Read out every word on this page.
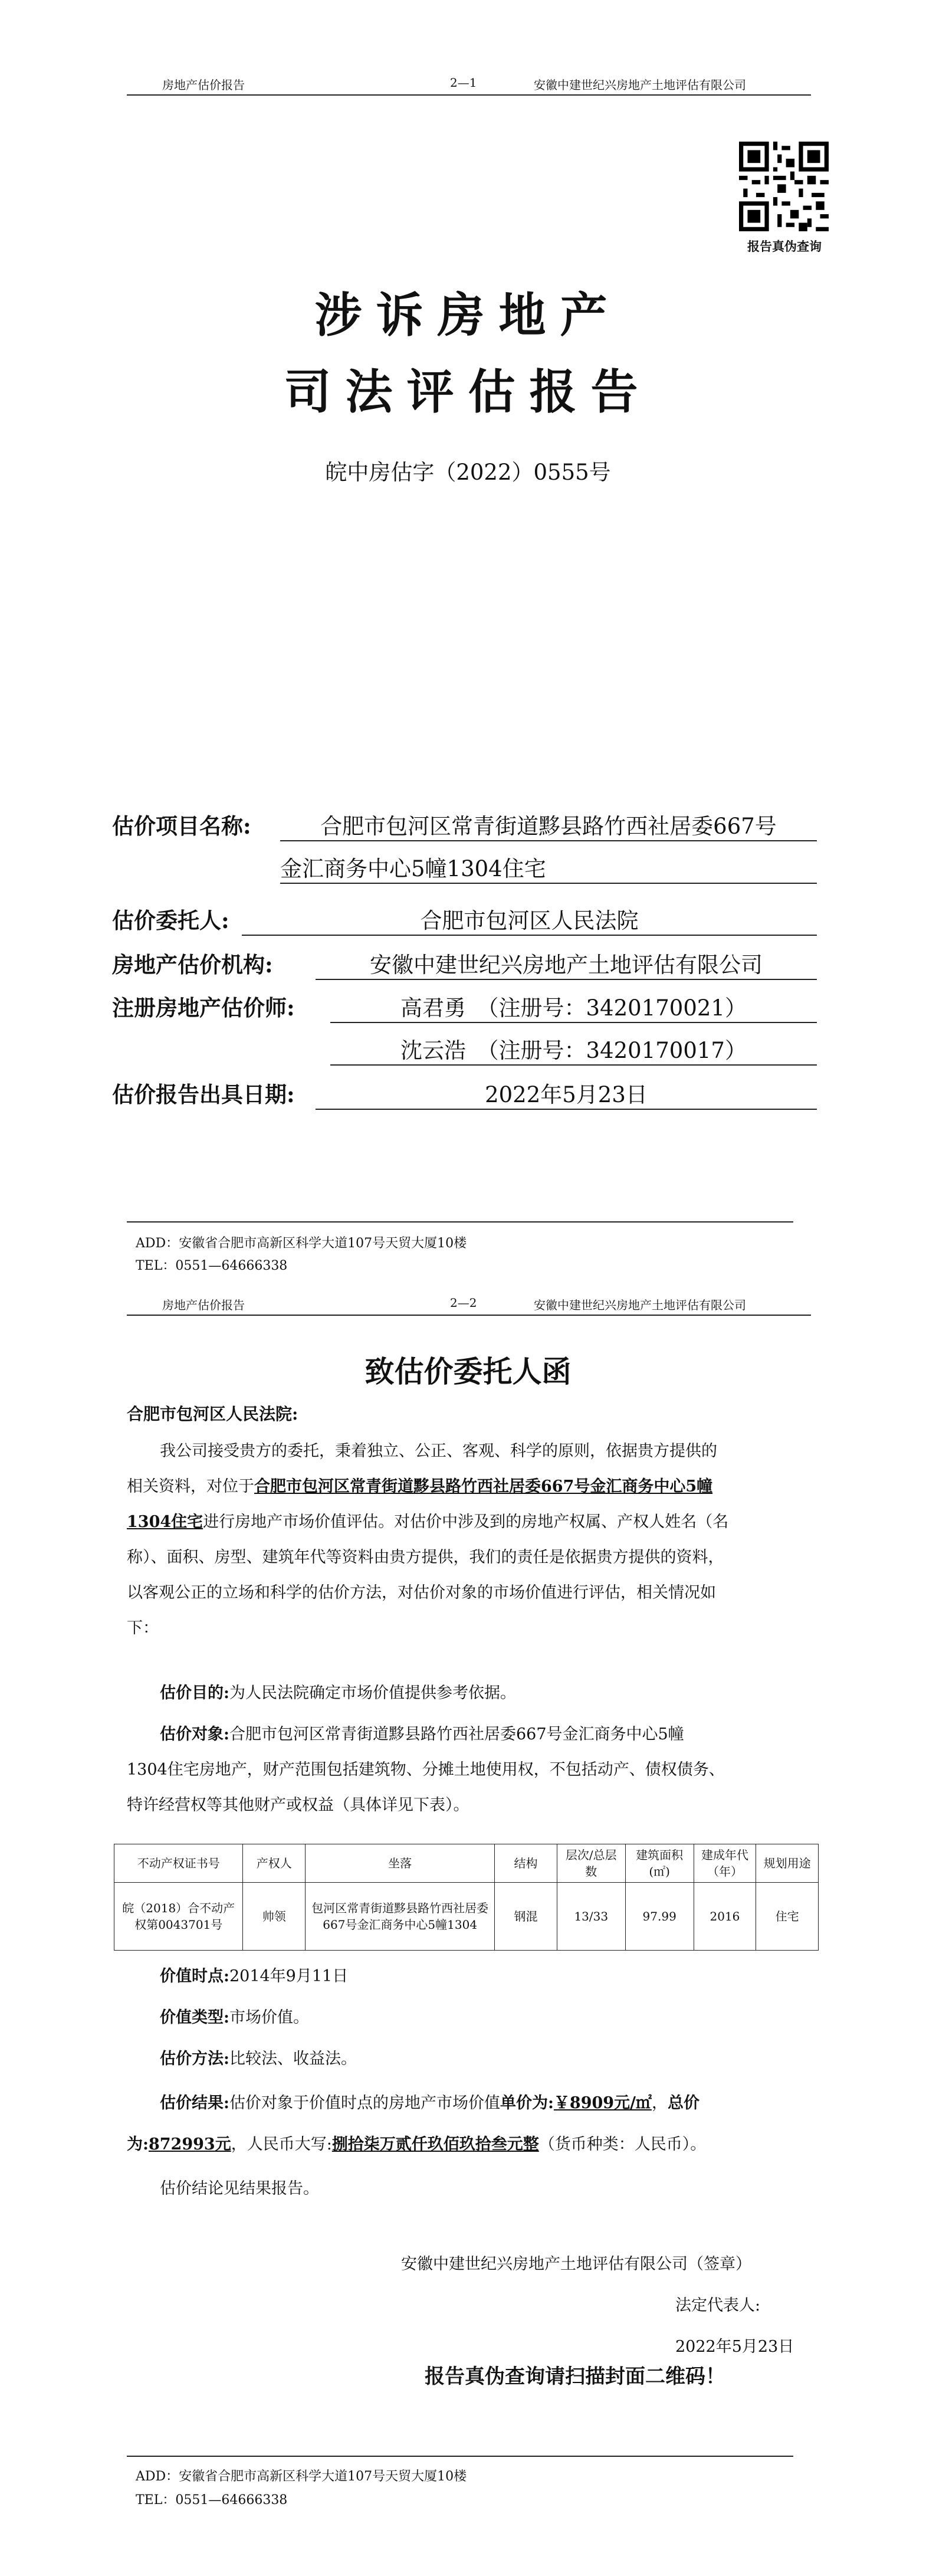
房地产估价报告	2—1	安徽中建世纪兴房地产土地评估有限公司
报告真伪查询
涉诉房地产
司法评估报告
皖中房估字（2022）0555号
估价项目名称:	合肥市包河区常青街道黟县路竹西社居委667号
金汇商务中心5幢1304住宅
估价委托人:	合肥市包河区人民法院
房地产估价机构:	安徽中建世纪兴房地产土地评估有限公司
注册房地产估价师:	高君勇　（注册号：3420170021）
沈云浩　（注册号：3420170017）
估价报告出具日期:	2022年5月23日
ADD：安徽省合肥市高新区科学大道107号天贸大厦10楼
TEL：0551—64666338
房地产估价报告	2—2	安徽中建世纪兴房地产土地评估有限公司
致估价委托人函
合肥市包河区人民法院:
我公司接受贵方的委托，秉着独立、公正、客观、科学的原则，依据贵方提供的
相关资料，对位于合肥市包河区常青街道黟县路竹西社居委667号金汇商务中心5幢
1304住宅进行房地产市场价值评估。对估价中涉及到的房地产权属、产权人姓名（名
称）、面积、房型、建筑年代等资料由贵方提供，我们的责任是依据贵方提供的资料，
以客观公正的立场和科学的估价方法，对估价对象的市场价值进行评估，相关情况如
下：
估价目的:为人民法院确定市场价值提供参考依据。
估价对象:合肥市包河区常青街道黟县路竹西社居委667号金汇商务中心5幢
1304住宅房地产，财产范围包括建筑物、分摊土地使用权，不包括动产、债权债务、
特许经营权等其他财产或权益（具体详见下表）。
不动产权证书号	产权人	坐落	结构	层次/总层数	建筑面积(㎡)	建成年代（年）	规划用途
皖（2018）合不动产权第0043701号	帅领	包河区常青街道黟县路竹西社居委667号金汇商务中心5幢1304	钢混	13/33	97.99	2016	住宅
价值时点:2014年9月11日
价值类型:市场价值。
估价方法:比较法、收益法。
估价结果:估价对象于价值时点的房地产市场价值单价为:￥8909元/㎡，总价
为:872993元，人民币大写:捌拾柒万贰仟玖佰玖拾叁元整（货币种类：人民币）。
估价结论见结果报告。
安徽中建世纪兴房地产土地评估有限公司（签章）
法定代表人:
2022年5月23日
报告真伪查询请扫描封面二维码！
ADD：安徽省合肥市高新区科学大道107号天贸大厦10楼
TEL：0551—64666338
